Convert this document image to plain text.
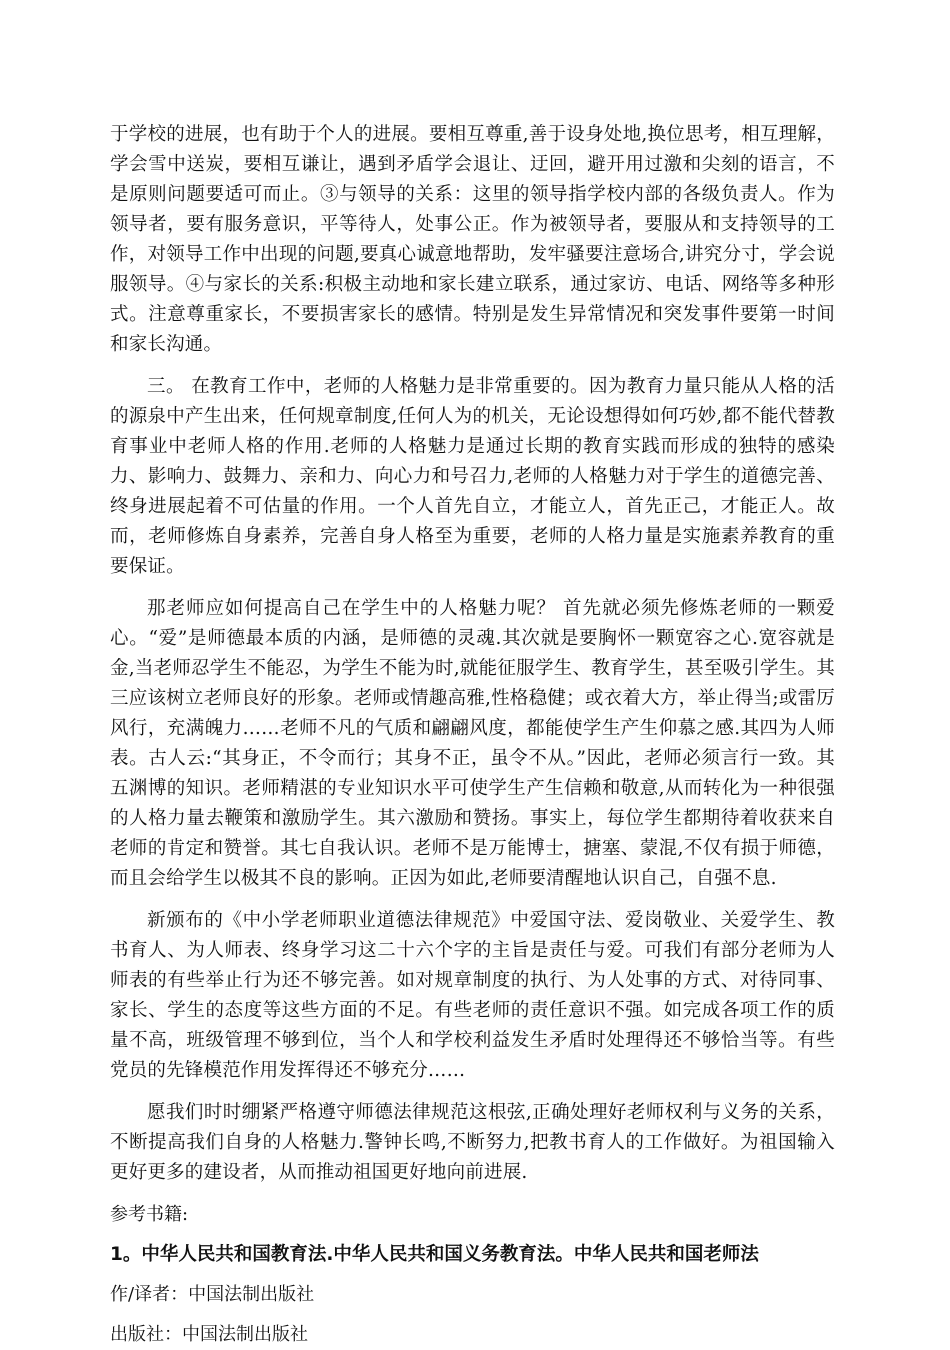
于学校的进展，也有助于个人的进展。要相互尊重,善于设身处地,换位思考，相互理解，学会雪中送炭，要相互谦让，遇到矛盾学会退让、迂回，避开用过激和尖刻的语言，不是原则问题要适可而止。③与领导的关系：这里的领导指学校内部的各级负责人。作为领导者，要有服务意识，平等待人，处事公正。作为被领导者，要服从和支持领导的工作，对领导工作中出现的问题,要真心诚意地帮助，发牢骚要注意场合,讲究分寸，学会说服领导。④与家长的关系:积极主动地和家长建立联系，通过家访、电话、网络等多种形式。注意尊重家长，不要损害家长的感情。特别是发生异常情况和突发事件要第一时间和家长沟通。

三。 在教育工作中，老师的人格魅力是非常重要的。因为教育力量只能从人格的活的源泉中产生出来，任何规章制度,任何人为的机关，无论设想得如何巧妙,都不能代替教育事业中老师人格的作用.老师的人格魅力是通过长期的教育实践而形成的独特的感染力、影响力、鼓舞力、亲和力、向心力和号召力,老师的人格魅力对于学生的道德完善、终身进展起着不可估量的作用。一个人首先自立，才能立人，首先正己，才能正人。故而，老师修炼自身素养，完善自身人格至为重要，老师的人格力量是实施素养教育的重要保证。

那老师应如何提高自己在学生中的人格魅力呢？ 首先就必须先修炼老师的一颗爱心。“爱”是师德最本质的内涵，是师德的灵魂.其次就是要胸怀一颗宽容之心.宽容就是金,当老师忍学生不能忍，为学生不能为时,就能征服学生、教育学生，甚至吸引学生。其三应该树立老师良好的形象。老师或情趣高雅,性格稳健；或衣着大方，举止得当;或雷厉风行，充满魄力……老师不凡的气质和翩翩风度，都能使学生产生仰慕之感.其四为人师表。古人云:“其身正，不令而行；其身不正，虽令不从。”因此，老师必须言行一致。其五渊博的知识。老师精湛的专业知识水平可使学生产生信赖和敬意,从而转化为一种很强的人格力量去鞭策和激励学生。其六激励和赞扬。事实上，每位学生都期待着收获来自老师的肯定和赞誉。其七自我认识。老师不是万能博士，搪塞、蒙混,不仅有损于师德，而且会给学生以极其不良的影响。正因为如此,老师要清醒地认识自己，自强不息.

新颁布的《中小学老师职业道德法律规范》中爱国守法、爱岗敬业、关爱学生、教书育人、为人师表、终身学习这二十六个字的主旨是责任与爱。可我们有部分老师为人师表的有些举止行为还不够完善。如对规章制度的执行、为人处事的方式、对待同事、家长、学生的态度等这些方面的不足。有些老师的责任意识不强。如完成各项工作的质量不高，班级管理不够到位，当个人和学校利益发生矛盾时处理得还不够恰当等。有些党员的先锋模范作用发挥得还不够充分……

愿我们时时绷紧严格遵守师德法律规范这根弦,正确处理好老师权利与义务的关系，不断提高我们自身的人格魅力.警钟长鸣,不断努力,把教书育人的工作做好。为祖国输入更好更多的建设者，从而推动祖国更好地向前进展.

参考书籍:

1。中华人民共和国教育法.中华人民共和国义务教育法。中华人民共和国老师法

作/译者：中国法制出版社

出版社：中国法制出版社
